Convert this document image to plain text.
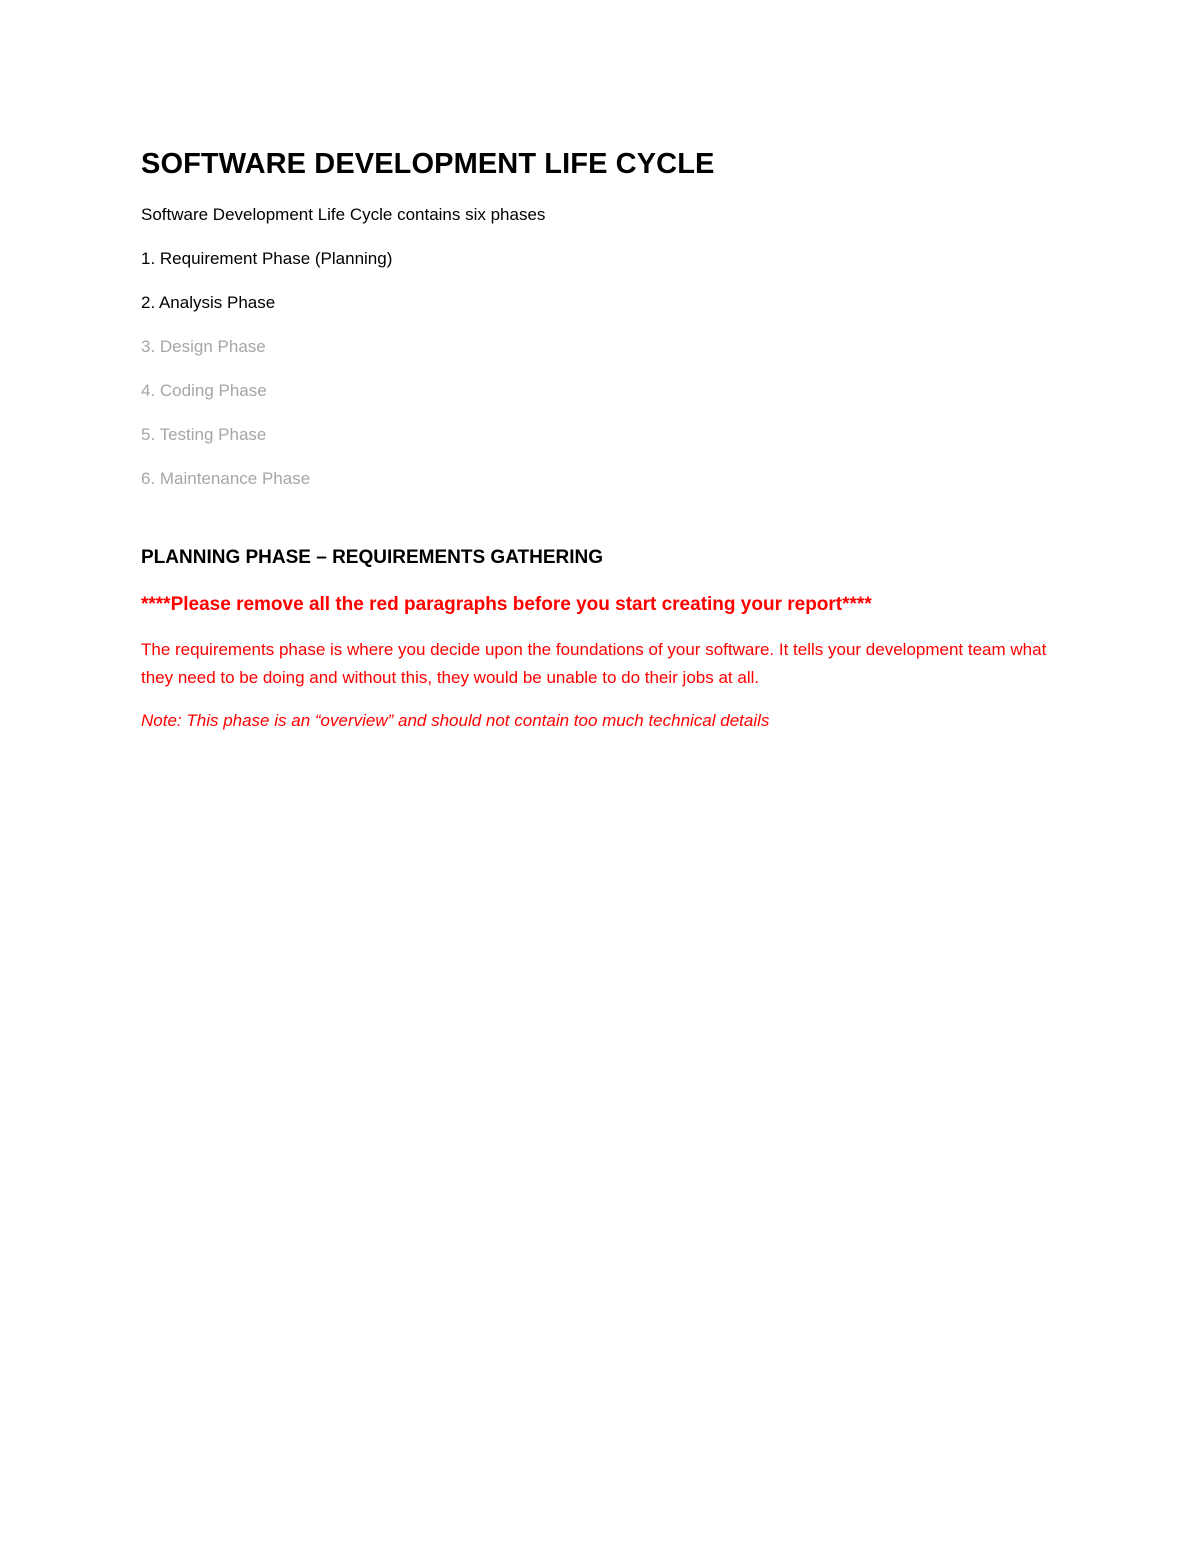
SOFTWARE DEVELOPMENT LIFE CYCLE

Software Development Life Cycle contains six phases

1. Requirement Phase (Planning)
2. Analysis Phase
3. Design Phase
4. Coding Phase
5. Testing Phase
6. Maintenance Phase
PLANNING PHASE – REQUIREMENTS GATHERING

****Please remove all the red paragraphs before you start creating your report****

The requirements phase is where you decide upon the foundations of your software. It tells your development team what they need to be doing and without this, they would be unable to do their jobs at all.

Note: This phase is an “overview” and should not contain too much technical details
